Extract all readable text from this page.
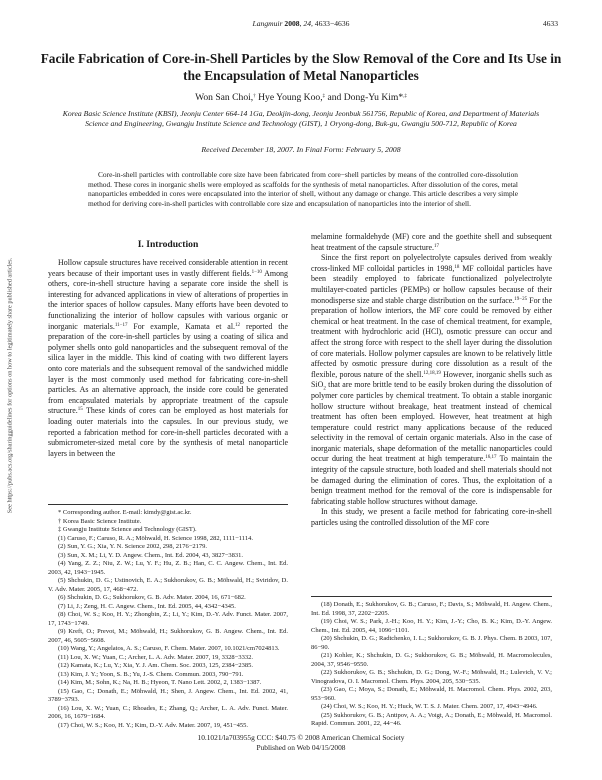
See https://pubs.acs.org/sharingguidelines for options on how to legitimately share published articles.
Langmuir 2008, 24, 4633−4636	4633
Facile Fabrication of Core-in-Shell Particles by the Slow Removal of the Core and Its Use in the Encapsulation of Metal Nanoparticles
Won San Choi,† Hye Young Koo,‡ and Dong-Yu Kim*,‡
Korea Basic Science Institute (KBSI), Jeonju Center 664-14 1Ga, Deokjin-dong, Jeonju Jeonbuk 561756, Republic of Korea, and Department of Materials Science and Engineering, Gwangju Institute Science and Technology (GIST), 1 Oryong-dong, Buk-gu, Gwangju 500-712, Republic of Korea
Received December 18, 2007. In Final Form: February 5, 2008
Core-in-shell particles with controllable core size have been fabricated from core−shell particles by means of the controlled core-dissolution method. These cores in inorganic shells were employed as scaffolds for the synthesis of metal nanoparticles. After dissolution of the cores, metal nanoparticles embedded in cores were encapsulated into the interior of shell, without any damage or change. This article describes a very simple method for deriving core-in-shell particles with controllable core size and encapsulation of nanoparticles into the interior of shell.
I. Introduction

Hollow capsule structures have received considerable attention in recent years because of their important uses in vastly different fields.$^{1-10}$ Among others, core-in-shell structure having a separate core inside the shell is interesting for advanced applications in view of alterations of properties in the interior spaces of hollow capsules. Many efforts have been devoted to functionalizing the interior of hollow capsules with various organic or inorganic materials.$^{11-17}$ For example, Kamata et al.$^{12}$ reported the preparation of the core-in-shell particles by using a coating of silica and polymer shells onto gold nanoparticles and the subsequent removal of the silica layer in the middle. This kind of coating with two different layers onto core materials and the subsequent removal of the sandwiched middle layer is the most commonly used method for fabricating core-in-shell particles. As an alternative approach, the inside core could be generated from encapsulated materials by appropriate treatment of the capsule structure.$^{15}$ These kinds of cores can be employed as host materials for loading outer materials into the capsules. In our previous study, we reported a fabrication method for core-in-shell particles decorated with a submicrometer-sized metal core by the synthesis of metal nanoparticle layers in between the

* Corresponding author. E-mail: kimdy@gist.ac.kr.

† Korea Basic Science Institute.

‡ Gwangju Institute Science and Technology (GIST).

(1) Caruso, F.; Caruso, R. A.; Möhwald, H. Science 1998, 282, 1111−1114.

(2) Sun, Y. G.; Xia, Y. N. Science 2002, 298, 2176−2179.

(3) Sun, X. M.; Li, Y. D. Angew. Chem., Int. Ed. 2004, 43, 3827−3831.

(4) Yang, Z. Z.; Niu, Z. W.; Lu, Y. F.; Hu, Z. B.; Han, C. C. Angew. Chem., Int. Ed. 2003, 42, 1943−1945.

(5) Shchukin, D. G.; Ustinovich, E. A.; Sukhorukov, G. B.; Möhwald, H.; Sviridov, D. V. Adv. Mater. 2005, 17, 468−472.

(6) Shchukin, D. G.; Sukhorukov, G. B. Adv. Mater. 2004, 16, 671−682.

(7) Li, J.; Zeng, H. C. Angew. Chem., Int. Ed. 2005, 44, 4342−4345.

(8) Choi, W. S.; Koo, H. Y.; Zhongbin, Z.; Li, Y.; Kim, D.-Y. Adv. Funct. Mater. 2007, 17, 1743−1749.

(9) Kreft, O.; Prevot, M.; Möhwald, H.; Sukhorukov, G. B. Angew. Chem., Int. Ed. 2007, 46, 5605−5608.

(10) Wang, Y.; Angelatos, A. S.; Caruso, F. Chem. Mater. 2007, 10.1021/cm7024813.

(11) Lou, X. W.; Yuan, C.; Archer, L. A. Adv. Mater. 2007, 19, 3328−3332.

(12) Kamata, K.; Lu, Y.; Xia, Y. J. Am. Chem. Soc. 2003, 125, 2384−2385.

(13) Kim, J. Y.; Yoon, S. B.; Yu, J.-S. Chem. Commun. 2003, 790−791.

(14) Kim, M.; Sohn, K.; Na, H. B.; Hyeon, T. Nano Lett. 2002, 2, 1383−1387.

(15) Gao, C.; Donath, E.; Möhwald, H.; Shen, J. Angew. Chem., Int. Ed. 2002, 41, 3789−3793.

(16) Lou, X. W.; Yuan, C.; Rhoades, E.; Zhang, Q.; Archer, L. A. Adv. Funct. Mater. 2006, 16, 1679−1684.

(17) Choi, W. S.; Koo, H. Y.; Kim, D.-Y. Adv. Mater. 2007, 19, 451−455.

melamine formaldehyde (MF) core and the goethite shell and subsequent heat treatment of the capsule structure.$^{17}$

Since the first report on polyelectrolyte capsules derived from weakly cross-linked MF colloidal particles in 1998,18 MF colloidal particles have been steadily employed to fabricate functionalized polyelectrolyte multilayer-coated particles (PEMPs) or hollow capsules because of their monodisperse size and stable charge distribution on the surface.$^{19-25}$ For the preparation of hollow interiors, the MF core could be removed by either chemical or heat treatment. In the case of chemical treatment, for example, treatment with hydrochloric acid (HCl), osmotic pressure can occur and affect the strong force with respect to the shell layer during the dissolution of core materials. Hollow polymer capsules are known to be relatively little affected by osmotic pressure during core dissolution as a result of the flexible, porous nature of the shell.$^{12,18,19}$ However, inorganic shells such as SiO$_2$ that are more brittle tend to be easily broken during the dissolution of polymer core particles by chemical treatment. To obtain a stable inorganic hollow structure without breakage, heat treatment instead of chemical treatment has often been employed. However, heat treatment at high temperature could restrict many applications because of the reduced selectivity in the removal of certain organic materials. Also in the case of inorganic materials, shape deformation of the metallic nanoparticles could occur during the heat treatment at high temperature.$^{16,17}$ To maintain the integrity of the capsule structure, both loaded and shell materials should not be damaged during the elimination of cores. Thus, the exploitation of a benign treatment method for the removal of the core is indispensable for fabricating stable hollow structures without damage.

In this study, we present a facile method for fabricating core-in-shell particles using the controlled dissolution of the MF core

(18) Donath, E.; Sukhorukov, G. B.; Caruso, F.; Davis, S.; Möhwald, H. Angew. Chem., Int. Ed. 1998, 37, 2202−2205.

(19) Choi, W. S.; Park, J.-H.; Koo, H. Y.; Kim, J.-Y.; Cho, B. K.; Kim, D.-Y. Angew. Chem., Int. Ed. 2005, 44, 1096−1101.

(20) Shchukin, D. G.; Radtchenko, I. L.; Sukhorukov, G. B. J. Phys. Chem. B 2003, 107, 86−90.

(21) Kohler, K.; Shchukin, D. G.; Sukhorukov, G. B.; Möhwald, H. Macromolecules, 2004, 37, 9546−9550.

(22) Sukhorukov, G. B.; Shchukin, D. G.; Dong, W.-F.; Möhwald, H.; Lulevich, V. V.; Vinogradova, O. I. Macromol. Chem. Phys. 2004, 205, 530−535.

(23) Gao, C.; Moya, S.; Donath, E.; Möhwald, H. Macromol. Chem. Phys. 2002, 203, 953−960.

(24) Choi, W. S.; Koo, H. Y.; Huck, W. T. S. J. Mater. Chem. 2007, 17, 4943−4946.

(25) Sukhorukov, G. B.; Antipov, A. A.; Voigt, A.; Donath, E.; Möhwald, H. Macromol. Rapid. Commun. 2001, 22, 44−46.

10.1021/la703955g CCC: $40.75 © 2008 American Chemical Society
Published on Web 04/15/2008
